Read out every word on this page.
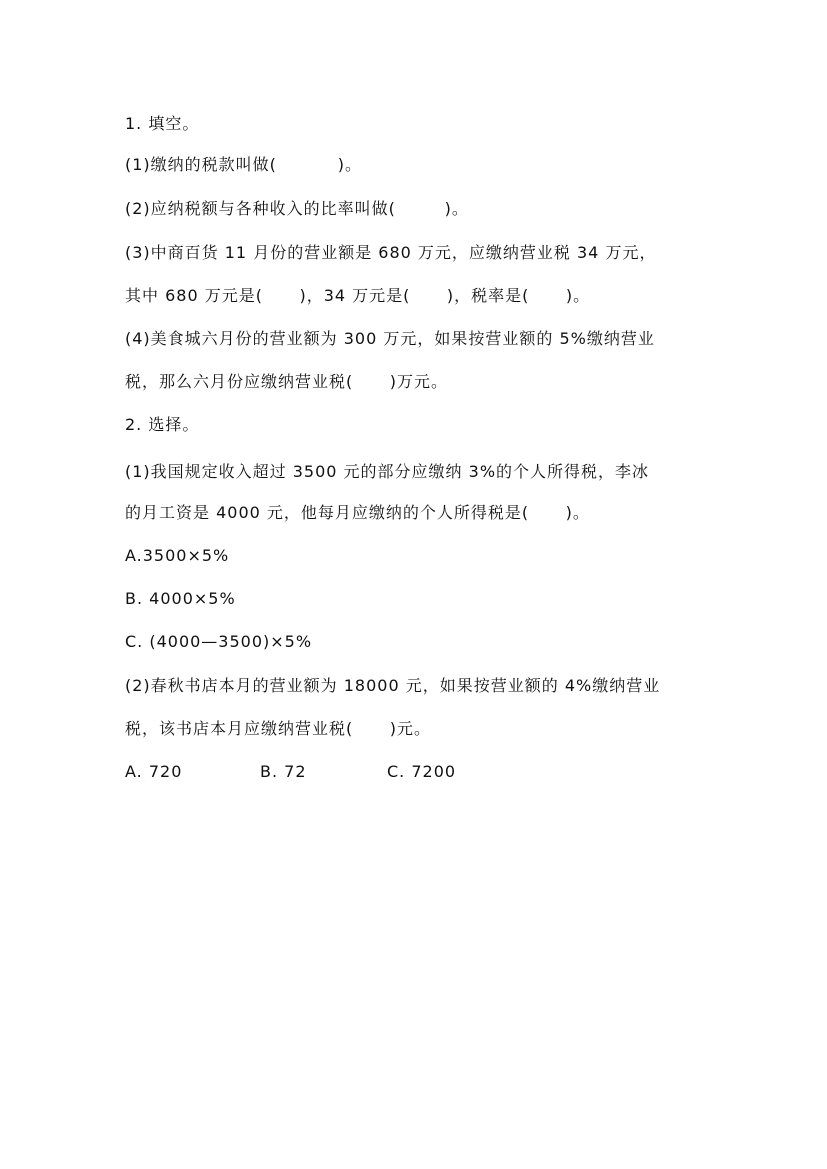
1. 填空。
(1)缴纳的税款叫做(          )。
(2)应纳税额与各种收入的比率叫做(        )。
(3)中商百货 11 月份的营业额是 680 万元，应缴纳营业税 34 万元，
其中 680 万元是(      )，34 万元是(      )，税率是(      )。
(4)美食城六月份的营业额为 300 万元，如果按营业额的 5%缴纳营业
税，那么六月份应缴纳营业税(      )万元。
2. 选择。
(1)我国规定收入超过 3500 元的部分应缴纳 3%的个人所得税，李冰
的月工资是 4000 元，他每月应缴纳的个人所得税是(      )。
A.3500×5%
B. 4000×5%
C. (4000—3500)×5%
(2)春秋书店本月的营业额为 18000 元，如果按营业额的 4%缴纳营业
税，该书店本月应缴纳营业税(      )元。
A. 720	B. 72	C. 7200
